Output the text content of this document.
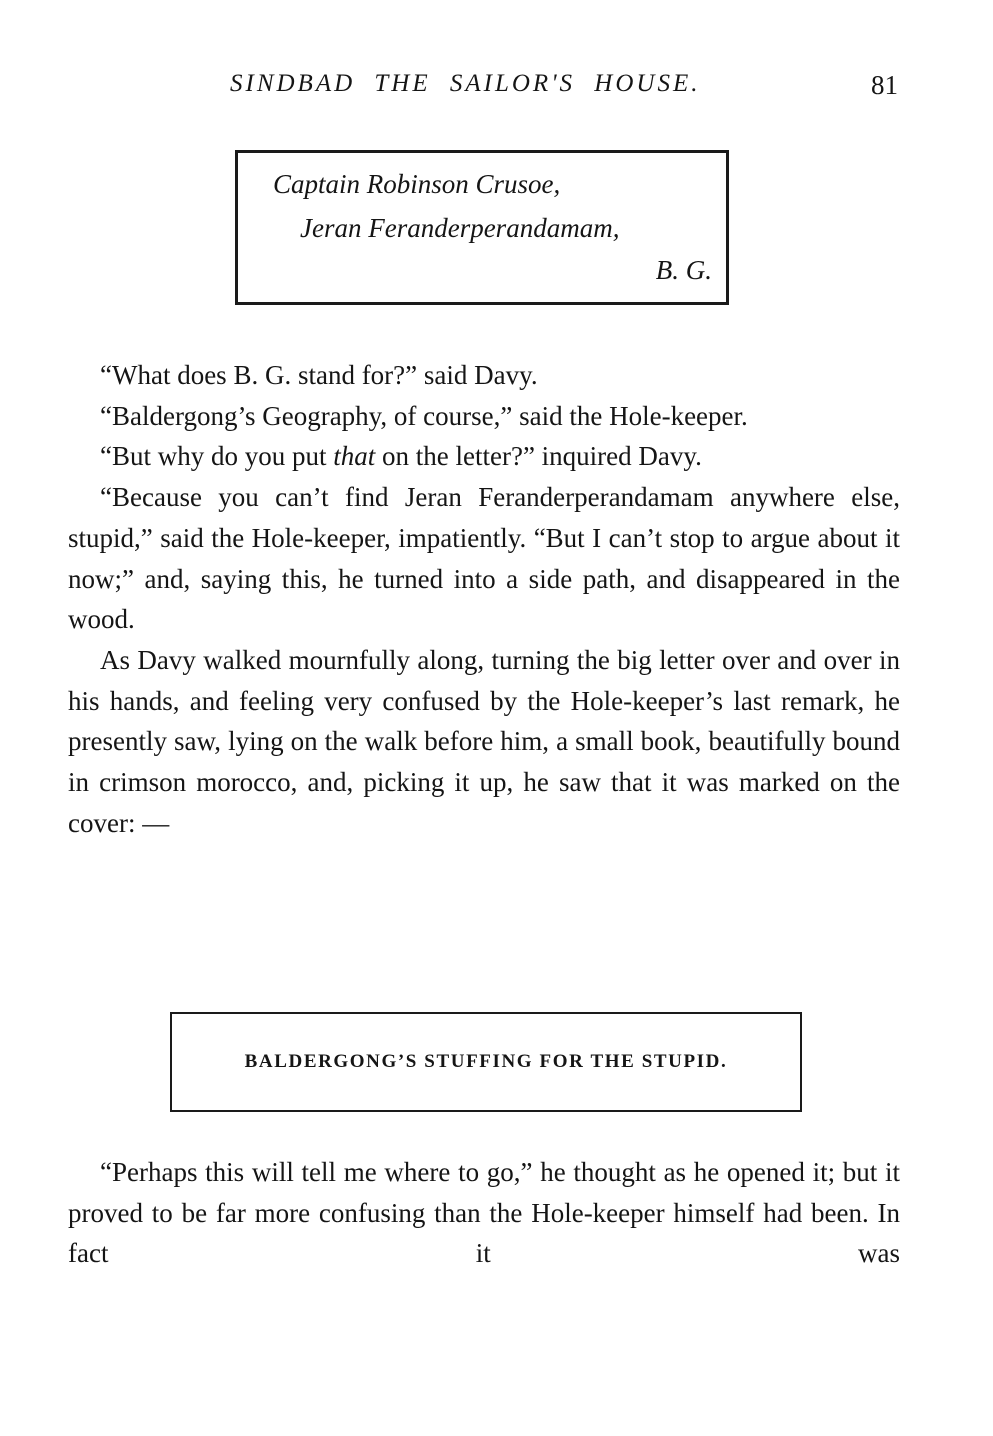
SINDBAD THE SAILOR'S HOUSE.	81
Captain Robinson Crusoe,
Jeran Feranderperandamam,
B. G.

“What does B. G. stand for?” said Davy.

“Baldergong’s Geography, of course,” said the Hole-keeper.

“But why do you put that on the letter?” inquired Davy.

“Because you can’t find Jeran Feranderperandamam anywhere else, stupid,” said the Hole-keeper, impatiently. “But I can’t stop to argue about it now;” and, saying this, he turned into a side path, and disappeared in the wood.

As Davy walked mournfully along, turning the big letter over and over in his hands, and feeling very confused by the Hole-keeper’s last remark, he presently saw, lying on the walk before him, a small book, beautifully bound in crimson morocco, and, picking it up, he saw that it was marked on the cover: —

BALDERGONG’S STUFFING FOR THE STUPID.

“Perhaps this will tell me where to go,” he thought as he opened it; but it proved to be far more confusing than the Hole-keeper himself had been. In fact it was
